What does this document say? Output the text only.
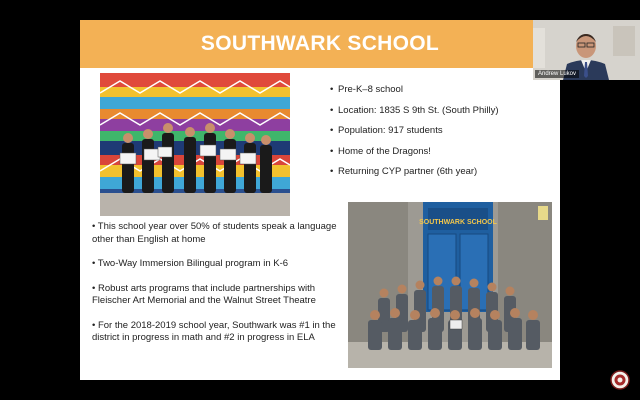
SOUTHWARK SCHOOL
• Pre-K–8 school
• Location: 1835 S 9th St. (South Philly)
• Population: 917 students
• Home of the Dragons!
• Returning CYP partner (6th year)
• This school year over 50% of students speak a language other than English at home
• Two-Way Immersion Bilingual program in K-6
• Robust arts programs that include partnerships with Fleischer Art Memorial and the Walnut Street Theatre
• For the 2018-2019 school year, Southwark was #1 in the district in progress in math and #2 in progress in ELA
SOUTHWARK SCHOOL
Andrew Lukov
